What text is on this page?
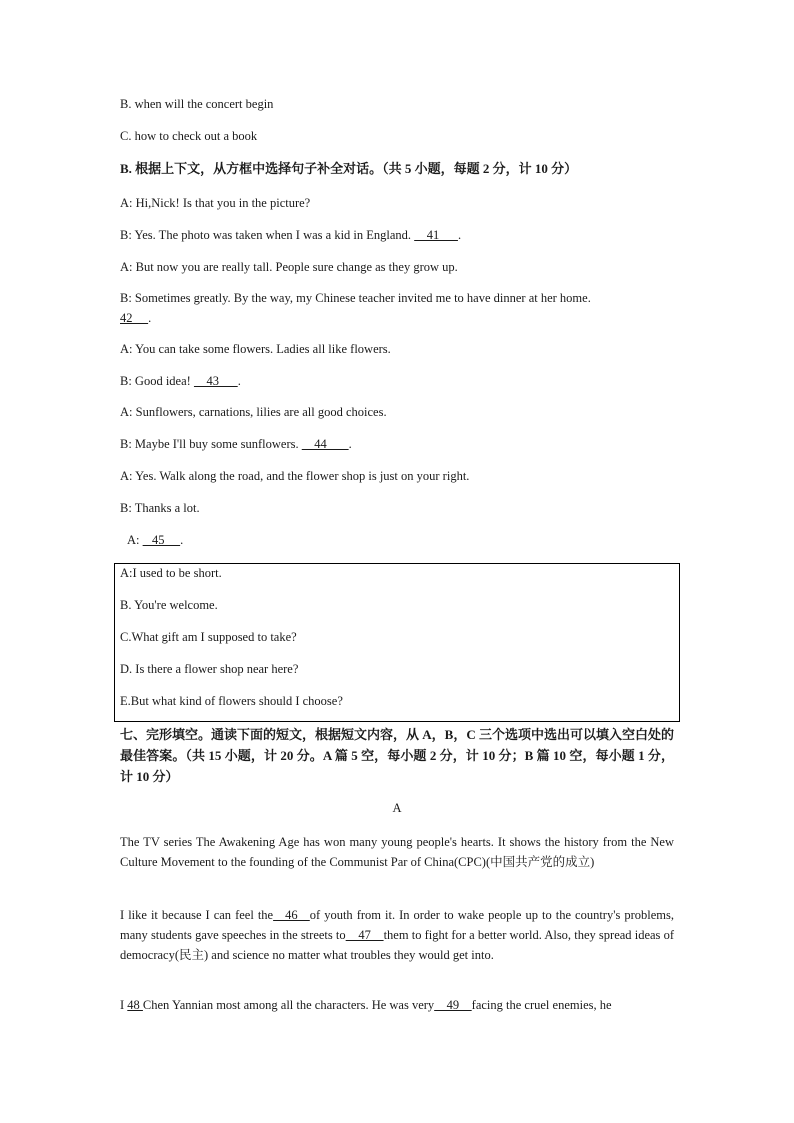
B. when will the concert begin
C. how to check out a book
B. 根据上下文，从方框中选择句子补全对话。（共 5 小题，每题 2 分，计 10 分）
A: Hi,Nick! Is that you in the picture?
B: Yes. The photo was taken when I was a kid in England.     41      .
A: But now you are really tall. People sure change as they grow up.
B: Sometimes greatly. By the way, my Chinese teacher invited me to have dinner at her home.
42     .
A: You can take some flowers. Ladies all like flowers.
B: Good idea!     43      .
A: Sunflowers, carnations, lilies are all good choices.
B: Maybe I'll buy some sunflowers.     44       .
A: Yes. Walk along the road, and the flower shop is just on your right.
B: Thanks a lot.
A:    45     .
A:I used to be short.
B. You're welcome.
C.What gift am I supposed to take?
D. Is there a flower shop near here?
E.But what kind of flowers should I choose?
七、完形填空。通读下面的短文，根据短文内容，从 A，B，C 三个选项中选出可以填入空白处的最佳答案。（共 15 小题，计 20 分。A 篇 5 空，每小题 2 分，计 10 分；B 篇 10 空，每小题 1 分，计 10 分）
A
The TV series The Awakening Age has won many young people's hearts. It shows the history from the New Culture Movement to the founding of the Communist Par of China(CPC)(中国共产党的成立)
I like it because I can feel the   46   of youth from it. In order to wake people up to the country's problems, many students gave speeches in the streets to    47    them to fight for a better world. Also, they spread ideas of democracy(民主) and science no matter what troubles they would get into.
I 48 Chen Yannian most among all the characters. He was very    49    facing the cruel enemies, he
